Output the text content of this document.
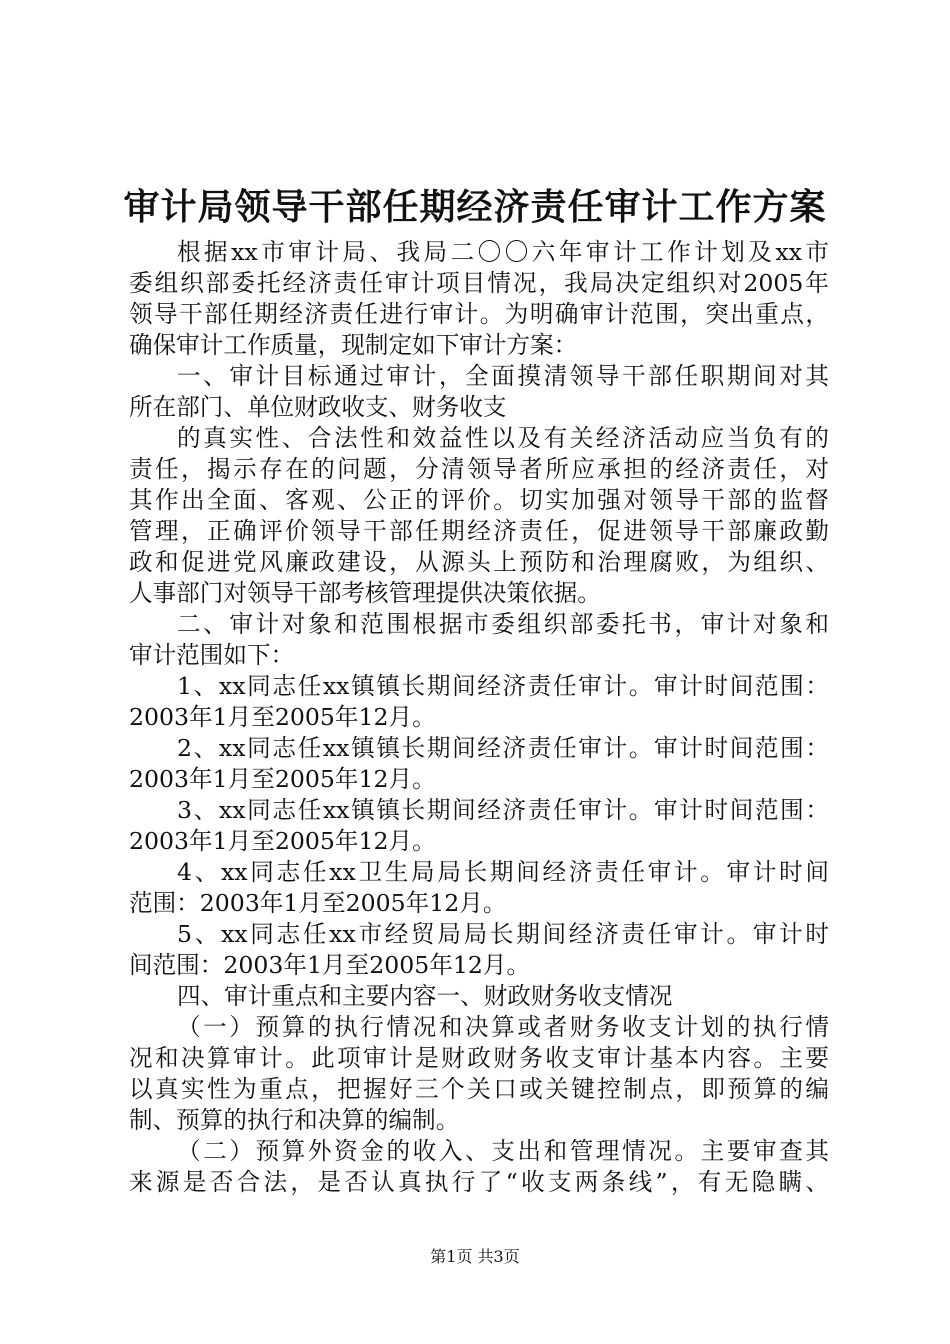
审计局领导干部任期经济责任审计工作方案
根据xx市审计局、我局二〇〇六年审计工作计划及xx市
委组织部委托经济责任审计项目情况，我局决定组织对2005年
领导干部任期经济责任进行审计。为明确审计范围，突出重点，
确保审计工作质量，现制定如下审计方案：
一、审计目标通过审计，全面摸清领导干部任职期间对其
所在部门、单位财政收支、财务收支
的真实性、合法性和效益性以及有关经济活动应当负有的
责任，揭示存在的问题，分清领导者所应承担的经济责任，对
其作出全面、客观、公正的评价。切实加强对领导干部的监督
管理，正确评价领导干部任期经济责任，促进领导干部廉政勤
政和促进党风廉政建设，从源头上预防和治理腐败，为组织、
人事部门对领导干部考核管理提供决策依据。
二、审计对象和范围根据市委组织部委托书，审计对象和
审计范围如下：
1、xx同志任xx镇镇长期间经济责任审计。审计时间范围：
2003年1月至2005年12月。
2、xx同志任xx镇镇长期间经济责任审计。审计时间范围：
2003年1月至2005年12月。
3、xx同志任xx镇镇长期间经济责任审计。审计时间范围：
2003年1月至2005年12月。
4、xx同志任xx卫生局局长期间经济责任审计。审计时间
范围：2003年1月至2005年12月。
5、xx同志任xx市经贸局局长期间经济责任审计。审计时
间范围：2003年1月至2005年12月。
四、审计重点和主要内容一、财政财务收支情况
（一）预算的执行情况和决算或者财务收支计划的执行情
况和决算审计。此项审计是财政财务收支审计基本内容。主要
以真实性为重点，把握好三个关口或关键控制点，即预算的编
制、预算的执行和决算的编制。
（二）预算外资金的收入、支出和管理情况。主要审查其
来源是否合法，是否认真执行了“收支两条线”，有无隐瞒、
第1页 共3页
